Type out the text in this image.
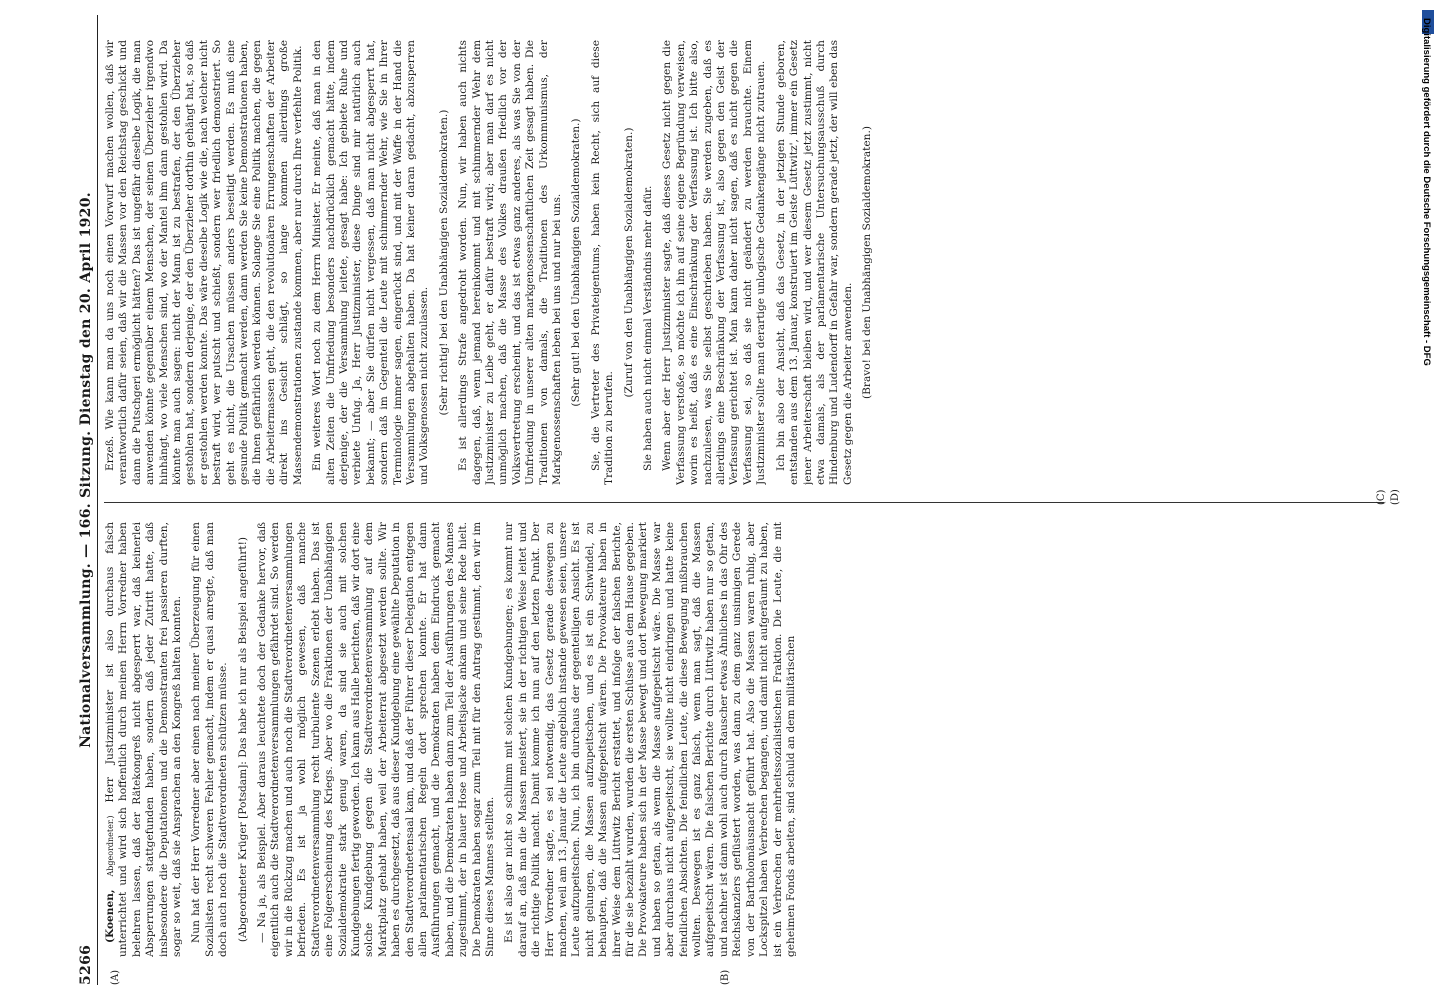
5266
Nationalversammlung. — 166. Sitzung. Dienstag den 20. April 1920.
(A)	(B)

(Koenen, Abgeordneter.) Herr Justizminister ist also durchaus falsch unterrichtet und wird sich hoffentlich durch meinen Herrn Vorredner haben belehren lassen, daß der Rätekongreß nicht abgesperrt war, daß keinerlei Absperrungen stattgefunden haben, sondern daß jeder Zutritt hatte, daß insbesondere die Deputationen und die Demonstranten frei passieren durften, sogar so weit, daß sie Ansprachen an den Kongreß halten konnten. Nun hat der Herr Vorredner aber einen nach meiner Überzeugung für einen Sozialisten recht schweren Fehler gemacht, indem er quasi anregte, daß man doch auch noch die Stadtverordneten schützen müsse. (Abgeordneter Krüger [Potsdam]: Das habe ich nur als Beispiel angeführt!) — Na ja, als Beispiel. Aber daraus leuchtete doch der Gedanke hervor, daß eigentlich auch die Stadtverordnetenversammlungen gefährdet sind. So werden wir in die Rückzug machen und auch noch die Stadtverordnetenversammlungen befrieden. Es ist ja wohl möglich gewesen, daß manche Stadtverordnetenversammlung recht turbulente Szenen erlebt haben. Das ist eine Folgeerscheinung des Kriegs. Aber wo die Fraktionen der Unabhängigen Sozialdemokratie stark genug waren, da sind sie auch mit solchen Kundgebungen fertig geworden. Ich kann aus Halle berichten, daß wir dort eine solche Kundgebung gegen die Stadtverordnetenversammlung auf dem Marktplatz gehabt haben, weil der Arbeiterrat abgesetzt werden sollte. Wir haben es durchgesetzt, daß aus dieser Kundgebung eine gewählte Deputation in den Stadtverordnetensaal kam, und daß der Führer dieser Delegation entgegen allen parlamentarischen Regeln dort sprechen konnte. Er hat dann Ausführungen gemacht, und die Demokraten haben dem Eindruck gemacht haben, und die Demokraten haben dann zum Teil der Ausführungen des Mannes zugestimmt, der in blauer Hose und Arbeitsjacke ankam und seine Rede hielt. Die Demokraten haben sogar zum Teil mit für den Antrag gestimmt, den wir im Sinne dieses Mannes stellten. Es ist also gar nicht so schlimm mit solchen Kundgebungen; es kommt nur darauf an, daß man die Massen meistert, sie in der richtigen Weise leitet und die richtige Politik macht. Damit komme ich nun auf den letzten Punkt. Der Herr Vorredner sagte, es sei notwendig, das Gesetz gerade deswegen zu machen, weil am 13. Januar die Leute angeblich instande gewesen seien, unsere Leute aufzupeitschen. Nun, ich bin durchaus der gegenteiligen Ansicht. Es ist nicht gelungen, die Massen aufzupeitschen, und es ist ein Schwindel, zu behaupten, daß die Massen aufgepeitscht wären. Die Provokateure haben in ihrer Weise dem Lüttwitz Bericht erstattet, und infolge der falschen Berichte, für die sie bezahlt wurden, wurden die ersten Schüsse aus dem Hause gegeben. Die Provokateure haben sich in der Masse bewegt und dort Bewegung markiert und haben so getan, als wenn die Masse aufgepeitscht wäre. Die Masse war aber durchaus nicht aufgepeitscht, sie wollte nicht eindringen und hatte keine feindlichen Absichten. Die feindlichen Leute, die diese Bewegung mißbrauchen wollten. Deswegen ist es ganz falsch, wenn man sagt, daß die Massen aufgepeitscht wären. Die falschen Berichte durch Lüttwitz haben nur so getan, und nachher ist dann wohl auch durch Rauscher etwas Ähnliches in das Ohr des Reichskanzlers geflüstert worden, was dann zu dem ganz unsinnigen Gerede von der Bartholomäusnacht geführt hat. Also die Massen waren ruhig, aber Lockspitzel haben Verbrechen begangen, und damit nicht aufgeräumt zu haben, ist ein Verbrechen der mehrheitssozialistischen Fraktion. Die Leute, die mit geheimen Fonds arbeiten, sind schuld an dem militärischen

Erzeß. Wie kann man da uns noch einen Vorwurf machen wollen, daß wir verantwortlich dafür seien, daß wir die Massen vor den Reichstag geschickt und dann die Putschgeri ermöglicht hätten? Das ist ungefähr dieselbe Logik, die man anwenden könnte gegenüber einem Menschen, der seinen Überzieher irgendwo hinhängt, wo viele Menschen sind, wo der Mantel ihm dann gestohlen wird. Da könnte man auch sagen: nicht der Mann ist zu bestrafen, der den Überzieher gestohlen hat, sondern derjenige, der den Überzieher dorthin gehängt hat, so daß er gestohlen werden konnte. Das wäre dieselbe Logik wie die, nach welcher nicht bestraft wird, wer putscht und schießt, sondern wer friedlich demonstriert. So geht es nicht, die Ursachen müssen anders beseitigt werden. Es muß eine gesunde Politik gemacht werden, dann werden Sie keine Demonstrationen haben, die Ihnen gefährlich werden können. Solange Sie eine Politik machen, die gegen die Arbeitermassen geht, die den revolutionären Errungenschaften der Arbeiter direkt ins Gesicht schlägt, so lange kommen allerdings große Massendemonstrationen zustande kommen, aber nur durch Ihre verfehlte Politik. Ein weiteres Wort noch zu dem Herrn Minister. Er meinte, daß man in den alten Zeiten die Umfriedung besonders nachdrücklich gemacht hätte, indem derjenige, der die Versammlung leitete, gesagt habe: Ich gebiete Ruhe und verbiete Unfug. Ja, Herr Justizminister, diese Dinge sind mir natürlich auch bekannt; — aber Sie dürfen nicht vergessen, daß man nicht abgesperrt hat, sondern daß im Gegenteil die Leute mit schimmernder Wehr, wie Sie in Ihrer Terminologie immer sagen, eingerückt sind, und mit der Waffe in der Hand die Versammlungen abgehalten haben. Da hat keiner daran gedacht, abzusperren und Volksgenossen nicht zuzulassen. (Sehr richtig! bei den Unabhängigen Sozialdemokraten.) Es ist allerdings Strafe angedroht worden. Nun, wir haben auch nichts dagegen, daß, wenn jemand hereinkommt und mit schimmernder Wehr dem Justizminister zu Leibe geht, er dafür bestraft wird; aber man darf es nicht unmöglich machen, daß die Masse des Volkes draußen friedlich vor der Volksvertretung erscheint, und das ist etwas ganz anderes, als was Sie von der Umfriedung in unserer alten markgenossenschaftlichen Zeit gesagt haben. Die Traditionen von damals, die Traditionen des Urkommunismus, der Markgenossenschaften leben bei uns und nur bei uns. (Sehr gut! bei den Unabhängigen Sozialdemokraten.) Sie, die Vertreter des Privateigentums, haben kein Recht, sich auf diese Tradition zu berufen.

(Zuruf von den Unabhängigen Sozialdemokraten.) Sie haben auch nicht einmal Verständnis mehr dafür. Wenn aber der Herr Justizminister sagte, daß dieses Gesetz nicht gegen die Verfassung verstoße, so möchte ich ihn auf seine eigene Begründung verweisen, worin es heißt, daß es eine Einschränkung der Verfassung ist. Ich bitte also, nachzulesen, was Sie selbst geschrieben haben. Sie werden zugeben, daß es allerdings eine Beschränkung der Verfassung ist, also gegen den Geist der Verfassung gerichtet ist. Man kann daher nicht sagen, daß es nicht gegen die Verfassung sei, so daß sie nicht geändert zu werden brauchte. Einem Justizminister sollte man derartige unlogische Gedankengänge nicht zutrauen. Ich bin also der Ansicht, daß das Gesetz, in der jetzigen Stunde geboren, entstanden aus dem 13. Januar, konstruiert im Geiste Lüttwitz', immer ein Gesetz jener Arbeiterschaft bleiben wird, und wer diesem Gesetz jetzt zustimmt, nicht etwa damals, als der parlamentarische Untersuchungsausschuß durch Hindenburg und Ludendorff in Gefahr war, sondern gerade jetzt, der will eben das Gesetz gegen die Arbeiter anwenden. (Bravo! bei den Unabhängigen Sozialdemokraten.)

(C) (D)
Digitalisierung gefördert durch die Deutsche Forschungsgemeinschaft - DFG
